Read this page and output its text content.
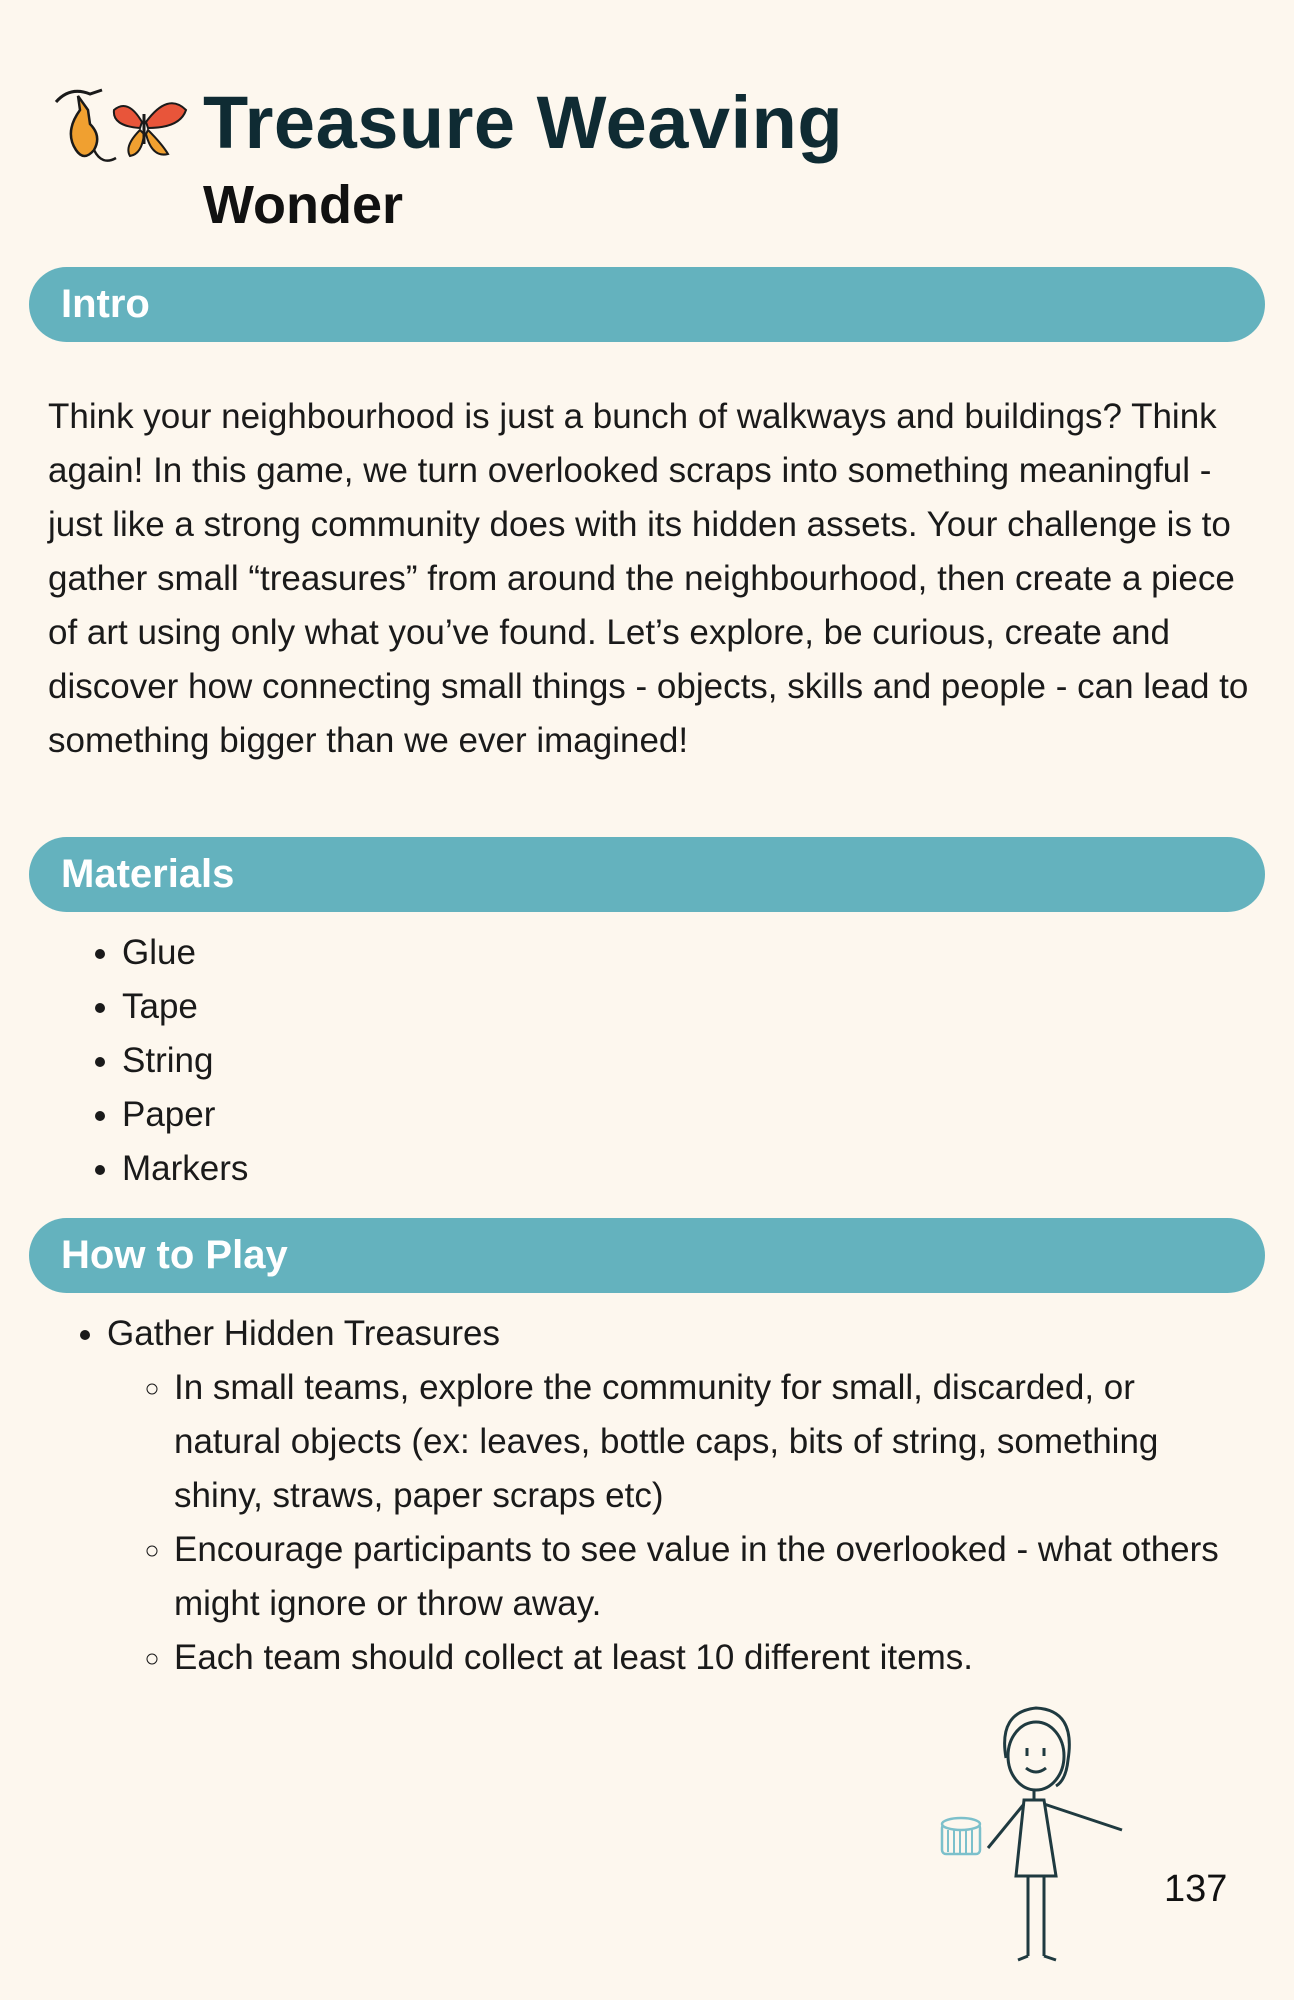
Treasure Weaving
Wonder
Intro

Think your neighbourhood is just a bunch of walkways and buildings? Think again! In this game, we turn overlooked scraps into something meaningful - just like a strong community does with its hidden assets. Your challenge is to gather small “treasures” from around the neighbourhood, then create a piece of art using only what you’ve found. Let’s explore, be curious, create and discover how connecting small things - objects, skills and people - can lead to something bigger than we ever imagined!

Materials
• Glue
• Tape
• String
• Paper
• Markers
How to Play
• Gather Hidden Treasures
◦ In small teams, explore the community for small, discarded, or natural objects (ex: leaves, bottle caps, bits of string, something shiny, straws, paper scraps etc)
◦ Encourage participants to see value in the overlooked - what others might ignore or throw away.
◦ Each team should collect at least 10 different items.
137
